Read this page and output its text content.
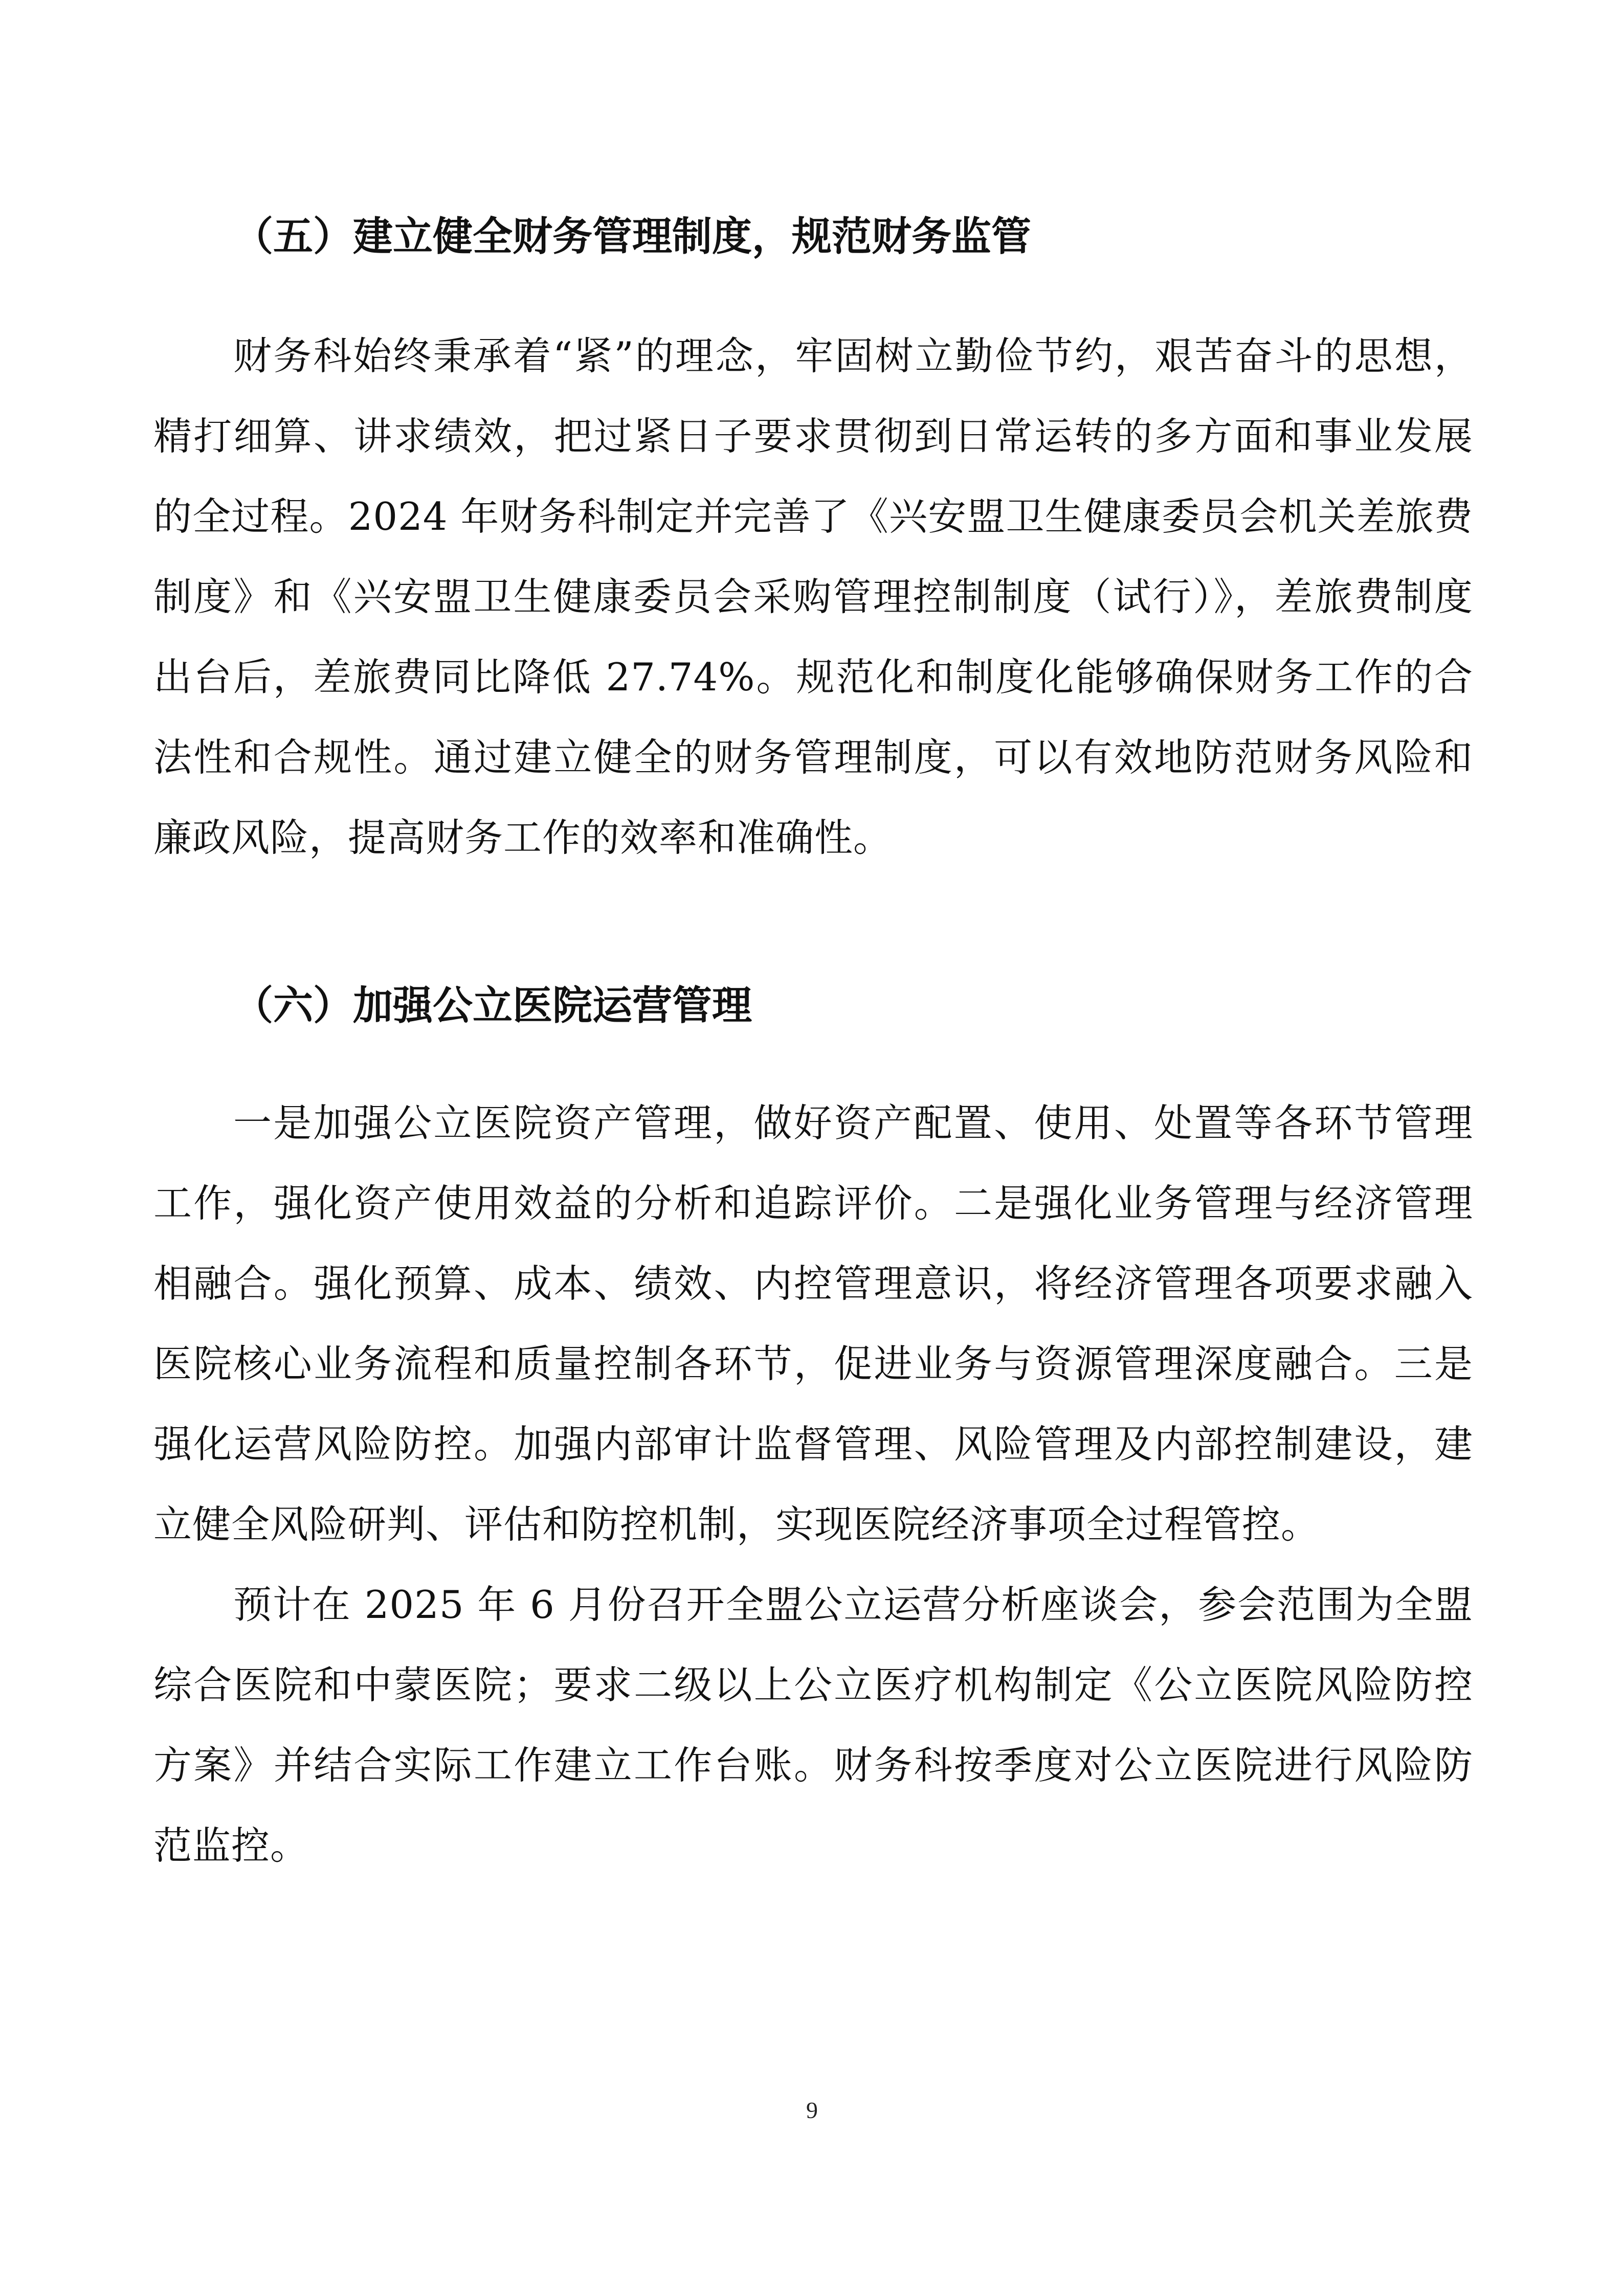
（五）建立健全财务管理制度，规范财务监管

财务科始终秉承着“紧”的理念，牢固树立勤俭节约，艰苦奋斗的思想，精打细算、讲求绩效，把过紧日子要求贯彻到日常运转的多方面和事业发展的全过程。2024 年财务科制定并完善了《兴安盟卫生健康委员会机关差旅费制度》和《兴安盟卫生健康委员会采购管理控制制度（试行）》，差旅费制度出台后，差旅费同比降低 27.74%。规范化和制度化能够确保财务工作的合法性和合规性。通过建立健全的财务管理制度，可以有效地防范财务风险和廉政风险，提高财务工作的效率和准确性。

（六）加强公立医院运营管理

一是加强公立医院资产管理，做好资产配置、使用、处置等各环节管理工作，强化资产使用效益的分析和追踪评价。二是强化业务管理与经济管理相融合。强化预算、成本、绩效、内控管理意识，将经济管理各项要求融入医院核心业务流程和质量控制各环节，促进业务与资源管理深度融合。三是强化运营风险防控。加强内部审计监督管理、风险管理及内部控制建设，建立健全风险研判、评估和防控机制，实现医院经济事项全过程管控。

预计在 2025 年 6 月份召开全盟公立运营分析座谈会，参会范围为全盟综合医院和中蒙医院；要求二级以上公立医疗机构制定《公立医院风险防控方案》并结合实际工作建立工作台账。财务科按季度对公立医院进行风险防范监控。

9
